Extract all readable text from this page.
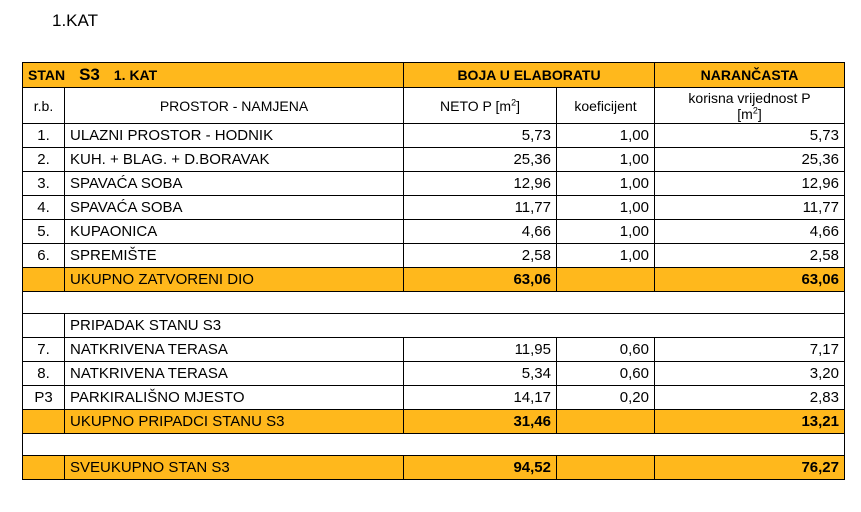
1.KAT
STAN S3 1. KAT		BOJA U ELABORATU		NARANČASTA
r.b.	PROSTOR - NAMJENA	NETO P $[m^2]$	koeficijent	korisna vrijednost P
$[m^2]$
1.	ULAZNI PROSTOR - HODNIK	5,73	1,00	5,73
2.	KUH. + BLAG. + D.BORAVAK	25,36	1,00	25,36
3.	SPAVAĆA SOBA	12,96	1,00	12,96
4.	SPAVAĆA SOBA	11,77	1,00	11,77
5.	KUPAONICA	4,66	1,00	4,66
6.	SPREMIŠTE	2,58	1,00	2,58
	UKUPNO ZATVORENI DIO	63,06		63,06

	PRIPADAK STANU S3			
7.	NATKRIVENA TERASA	11,95	0,60	7,17
8.	NATKRIVENA TERASA	5,34	0,60	3,20
P3	PARKIRALIŠNO MJESTO	14,17	0,20	2,83
	UKUPNO PRIPADCI STANU S3	31,46		13,21

	SVEUKUPNO STAN S3	94,52		76,27
